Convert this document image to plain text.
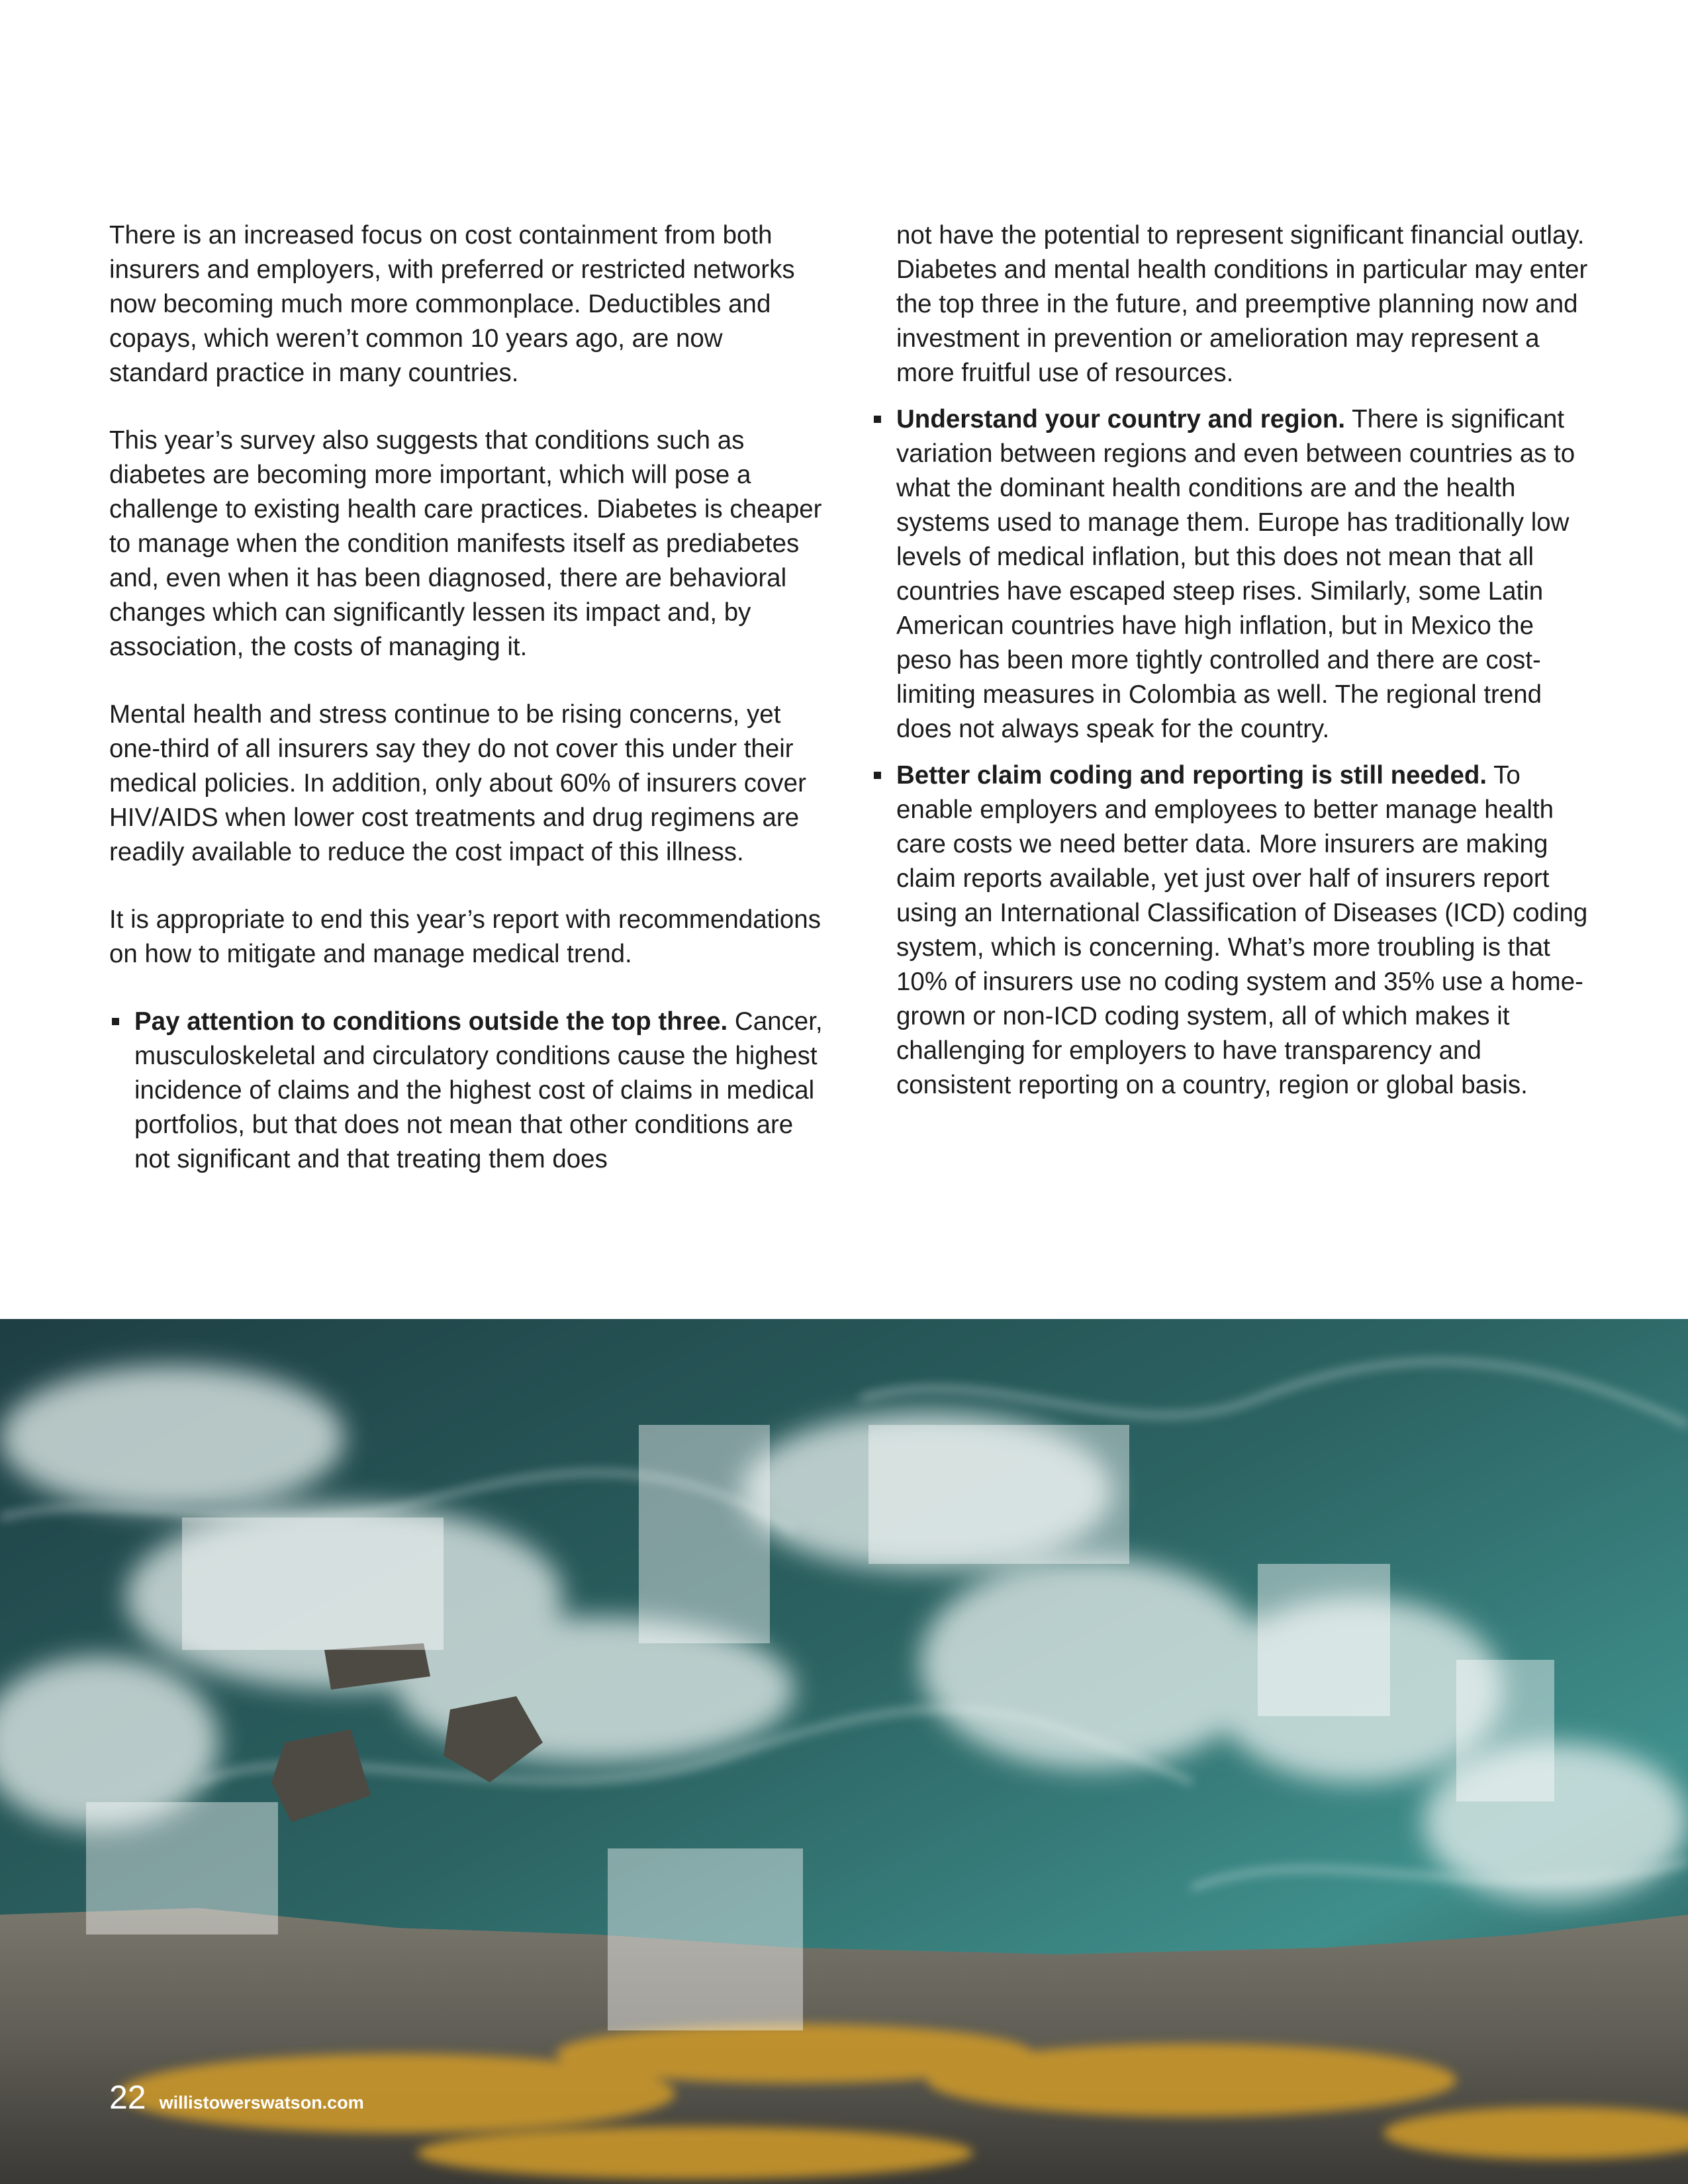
There is an increased focus on cost containment from both insurers and employers, with preferred or restricted networks now becoming much more commonplace. Deductibles and copays, which weren’t common 10 years ago, are now standard practice in many countries.

This year’s survey also suggests that conditions such as diabetes are becoming more important, which will pose a challenge to existing health care practices. Diabetes is cheaper to manage when the condition manifests itself as prediabetes and, even when it has been diagnosed, there are behavioral changes which can significantly lessen its impact and, by association, the costs of managing it.

Mental health and stress continue to be rising concerns, yet one-third of all insurers say they do not cover this under their medical policies. In addition, only about 60% of insurers cover HIV/AIDS when lower cost treatments and drug regimens are readily available to reduce the cost impact of this illness.

It is appropriate to end this year’s report with recommendations on how to mitigate and manage medical trend.

Pay attention to conditions outside the top three. Cancer, musculoskeletal and circulatory conditions cause the highest incidence of claims and the highest cost of claims in medical portfolios, but that does not mean that other conditions are not significant and that treating them does
not have the potential to represent significant financial outlay. Diabetes and mental health conditions in particular may enter the top three in the future, and preemptive planning now and investment in prevention or amelioration may represent a more fruitful use of resources.
Understand your country and region. There is significant variation between regions and even between countries as to what the dominant health conditions are and the health systems used to manage them. Europe has traditionally low levels of medical inflation, but this does not mean that all countries have escaped steep rises. Similarly, some Latin American countries have high inflation, but in Mexico the peso has been more tightly controlled and there are cost-limiting measures in Colombia as well. The regional trend does not always speak for the country.
Better claim coding and reporting is still needed. To enable employers and employees to better manage health care costs we need better data. More insurers are making claim reports available, yet just over half of insurers report using an International Classification of Diseases (ICD) coding system, which is concerning. What’s more troubling is that 10% of insurers use no coding system and 35% use a home-grown or non-ICD coding system, all of which makes it challenging for employers to have transparency and consistent reporting on a country, region or global basis.
22 willistowerswatson.com
